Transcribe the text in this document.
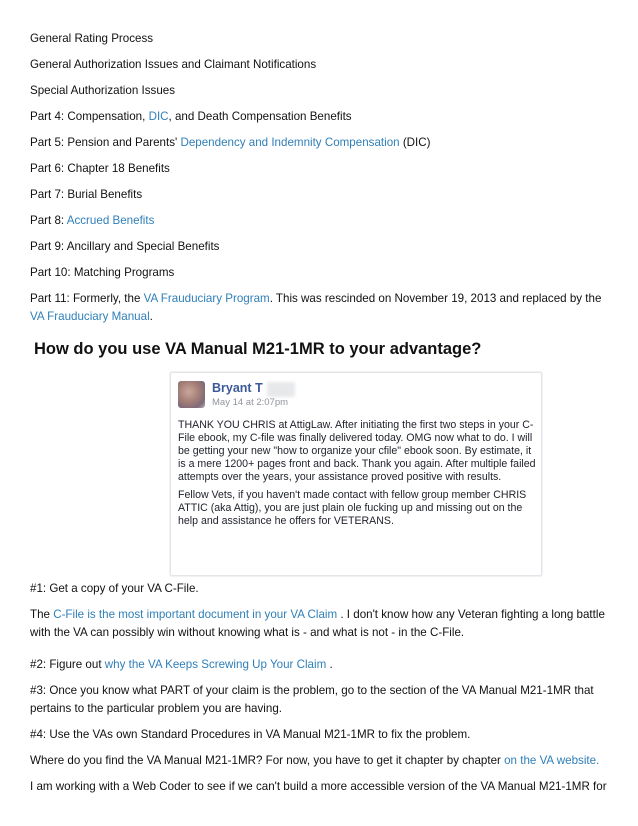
General Rating Process
General Authorization Issues and Claimant Notifications
Special Authorization Issues
Part 4: Compensation, DIC, and Death Compensation Benefits
Part 5: Pension and Parents' Dependency and Indemnity Compensation (DIC)
Part 6: Chapter 18 Benefits
Part 7: Burial Benefits
Part 8: Accrued Benefits
Part 9: Ancillary and Special Benefits
Part 10: Matching Programs
Part 11: Formerly, the VA Frauduciary Program. This was rescinded on November 19, 2013 and replaced by the VA Frauduciary Manual.
How do you use VA Manual M21-1MR to your advantage?
Bryant T
May 14 at 2:07pm

THANK YOU CHRIS at AttigLaw. After initiating the first two steps in your C-File ebook, my C-file was finally delivered today. OMG now what to do. I will be getting your new "how to organize your cfile" ebook soon. By estimate, it is a mere 1200+ pages front and back. Thank you again. After multiple failed attempts over the years, your assistance proved positive with results.

Fellow Vets, if you haven't made contact with fellow group member CHRIS ATTIC (aka Attig), you are just plain ole fucking up and missing out on the help and assistance he offers for VETERANS.

#1: Get a copy of your VA C-File.
The C-File is the most important document in your VA Claim . I don't know how any Veteran fighting a long battle with the VA can possibly win without knowing what is - and what is not - in the C-File.
#2: Figure out why the VA Keeps Screwing Up Your Claim .
#3: Once you know what PART of your claim is the problem, go to the section of the VA Manual M21-1MR that pertains to the particular problem you are having.
#4: Use the VAs own Standard Procedures in VA Manual M21-1MR to fix the problem.
Where do you find the VA Manual M21-1MR? For now, you have to get it chapter by chapter on the VA website.
I am working with a Web Coder to see if we can't build a more accessible version of the VA Manual M21-1MR for
